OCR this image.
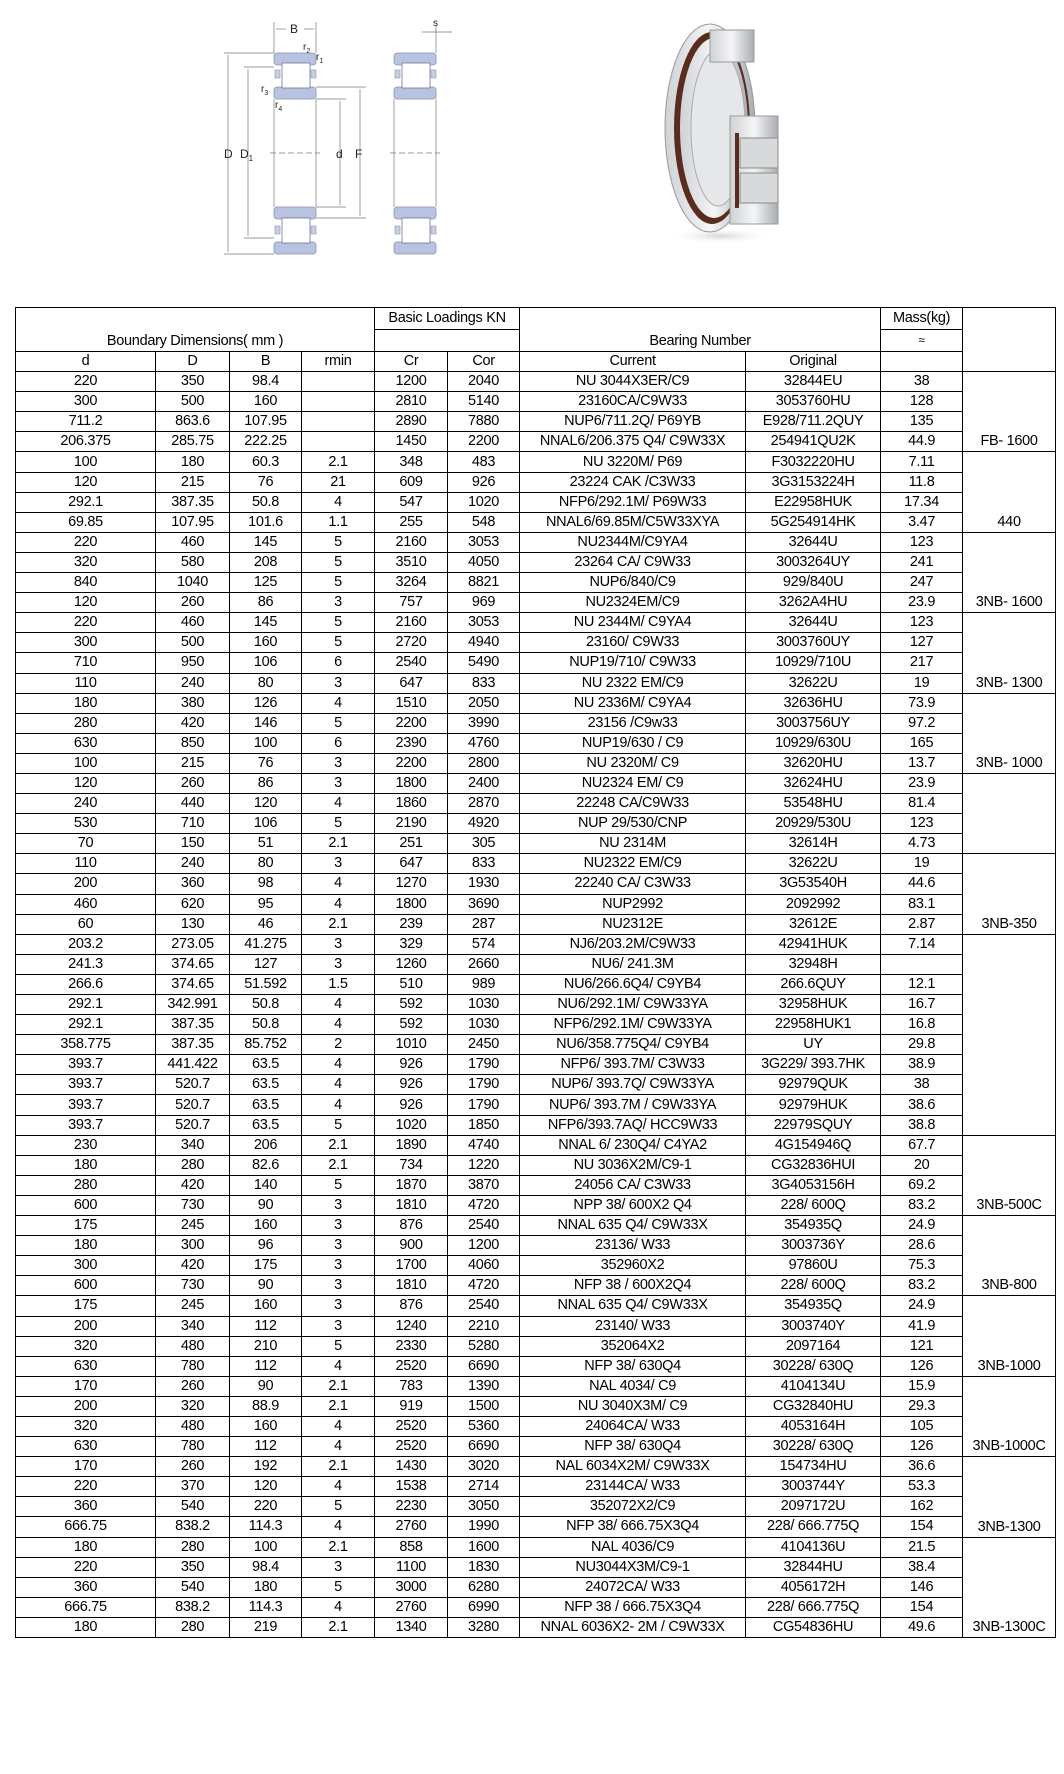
B
$r_2$
$r_1$
$r_3$
$r_4$
D $D_1$	d F
s
Boundary Dimensions( mm )				Basic Loadings KN		Bearing Number		Mass(kg)	
								≈	
d	D	B	rmin	Cr	Cor	Current	Original		
220	350	98.4		1200	2040	NU 3044X3ER/C9	32844EU	38	FB- 1600
300	500	160		2810	5140	23160CA/C9W33	3053760HU	128	
711.2	863.6	107.95		2890	7880	NUP6/711.2Q/ P69YB	E928/711.2QUY	135	
206.375	285.75	222.25		1450	2200	NNAL6/206.375 Q4/ C9W33X	254941QU2K	44.9	
100	180	60.3	2.1	348	483	NU 3220M/ P69	F3032220HU	7.11	440
120	215	76	21	609	926	23224 CAK /C3W33	3G3153224H	11.8	
292.1	387.35	50.8	4	547	1020	NFP6/292.1M/ P69W33	E22958HUK	17.34	
69.85	107.95	101.6	1.1	255	548	NNAL6/69.85M/C5W33XYA	5G254914HK	3.47	
220	460	145	5	2160	3053	NU2344M/C9YA4	32644U	123	3NB- 1600
320	580	208	5	3510	4050	23264 CA/ C9W33	3003264UY	241	
840	1040	125	5	3264	8821	NUP6/840/C9	929/840U	247	
120	260	86	3	757	969	NU2324EM/C9	3262A4HU	23.9	
220	460	145	5	2160	3053	NU 2344M/ C9YA4	32644U	123	3NB- 1300
300	500	160	5	2720	4940	23160/ C9W33	3003760UY	127	
710	950	106	6	2540	5490	NUP19/710/ C9W33	10929/710U	217	
110	240	80	3	647	833	NU 2322 EM/C9	32622U	19	
180	380	126	4	1510	2050	NU 2336M/ C9YA4	32636HU	73.9	3NB- 1000
280	420	146	5	2200	3990	23156 /C9w33	3003756UY	97.2	
630	850	100	6	2390	4760	NUP19/630 / C9	10929/630U	165	
100	215	76	3	2200	2800	NU 2320M/ C9	32620HU	13.7	
120	260	86	3	1800	2400	NU2324 EM/ C9	32624HU	23.9	
240	440	120	4	1860	2870	22248 CA/C9W33	53548HU	81.4	
530	710	106	5	2190	4920	NUP 29/530/CNP	20929/530U	123	
70	150	51	2.1	251	305	NU 2314M	32614H	4.73	
110	240	80	3	647	833	NU2322 EM/C9	32622U	19	3NB-350
200	360	98	4	1270	1930	22240 CA/ C3W33	3G53540H	44.6	
460	620	95	4	1800	3690	NUP2992	2092992	83.1	
60	130	46	2.1	239	287	NU2312E	32612E	2.87	
203.2	273.05	41.275	3	329	574	NJ6/203.2M/C9W33	42941HUK	7.14	
241.3	374.65	127	3	1260	2660	NU6/ 241.3M	32948H		
266.6	374.65	51.592	1.5	510	989	NU6/266.6Q4/ C9YB4	266.6QUY	12.1	
292.1	342.991	50.8	4	592	1030	NU6/292.1M/ C9W33YA	32958HUK	16.7	
292.1	387.35	50.8	4	592	1030	NFP6/292.1M/ C9W33YA	22958HUK1	16.8	
358.775	387.35	85.752	2	1010	2450	NU6/358.775Q4/ C9YB4	UY	29.8	
393.7	441.422	63.5	4	926	1790	NFP6/ 393.7M/ C3W33	3G229/ 393.7HK	38.9	
393.7	520.7	63.5	4	926	1790	NUP6/ 393.7Q/ C9W33YA	92979QUK	38	
393.7	520.7	63.5	4	926	1790	NUP6/ 393.7M / C9W33YA	92979HUK	38.6	
393.7	520.7	63.5	5	1020	1850	NFP6/393.7AQ/ HCC9W33	22979SQUY	38.8	
230	340	206	2.1	1890	4740	NNAL 6/ 230Q4/ C4YA2	4G154946Q	67.7	3NB-500C
180	280	82.6	2.1	734	1220	NU 3036X2M/C9-1	CG32836HUI	20	
280	420	140	5	1870	3870	24056 CA/ C3W33	3G4053156H	69.2	
600	730	90	3	1810	4720	NPP 38/ 600X2 Q4	228/ 600Q	83.2	
175	245	160	3	876	2540	NNAL 635 Q4/ C9W33X	354935Q	24.9	3NB-800
180	300	96	3	900	1200	23136/ W33	3003736Y	28.6	
300	420	175	3	1700	4060	352960X2	97860U	75.3	
600	730	90	3	1810	4720	NFP 38 / 600X2Q4	228/ 600Q	83.2	
175	245	160	3	876	2540	NNAL 635 Q4/ C9W33X	354935Q	24.9	3NB-1000
200	340	112	3	1240	2210	23140/ W33	3003740Y	41.9	
320	480	210	5	2330	5280	352064X2	2097164	121	
630	780	112	4	2520	6690	NFP 38/ 630Q4	30228/ 630Q	126	
170	260	90	2.1	783	1390	NAL 4034/ C9	4104134U	15.9	3NB-1000C
200	320	88.9	2.1	919	1500	NU 3040X3M/ C9	CG32840HU	29.3	
320	480	160	4	2520	5360	24064CA/ W33	4053164H	105	
630	780	112	4	2520	6690	NFP 38/ 630Q4	30228/ 630Q	126	
170	260	192	2.1	1430	3020	NAL 6034X2M/ C9W33X	154734HU	36.6	3NB-1300
220	370	120	4	1538	2714	23144CA/ W33	3003744Y	53.3	
360	540	220	5	2230	3050	352072X2/C9	2097172U	162	
666.75	838.2	114.3	4	2760	1990	NFP 38/ 666.75X3Q4	228/ 666.775Q	154	
180	280	100	2.1	858	1600	NAL 4036/C9	4104136U	21.5	3NB-1300C
220	350	98.4	3	1100	1830	NU3044X3M/C9-1	32844HU	38.4	
360	540	180	5	3000	6280	24072CA/ W33	4056172H	146	
666.75	838.2	114.3	4	2760	6990	NFP 38 / 666.75X3Q4	228/ 666.775Q	154	
180	280	219	2.1	1340	3280	NNAL 6036X2- 2M / C9W33X	CG54836HU	49.6	
